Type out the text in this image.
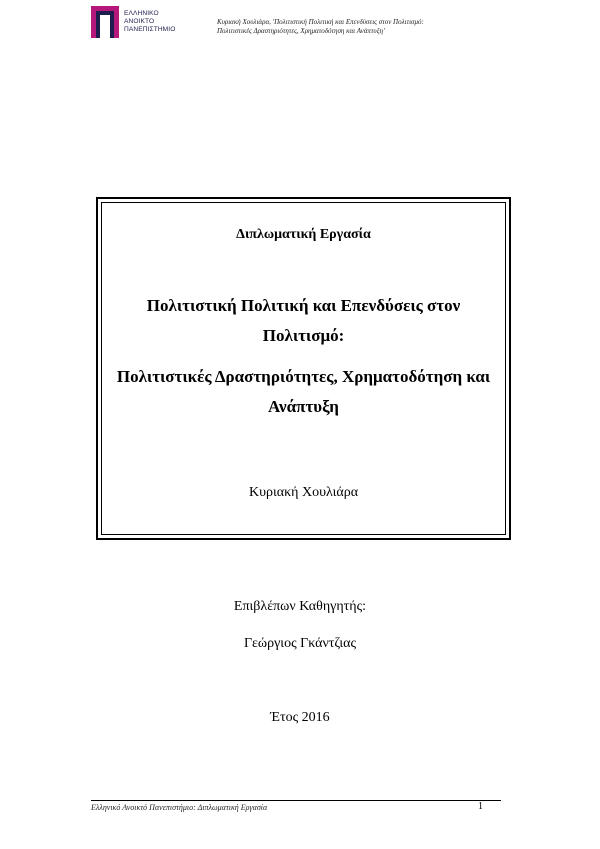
ΕΛΛΗΝΙΚΟ
ΑΝΟΙΚΤΟ
ΠΑΝΕΠΙΣΤΗΜΙΟ
Κυριακή Χουλιάρα, 'Πολιτιστική Πολιτική και Επενδύσεις στον Πολιτισμό:
Πολιτιστικές Δραστηριότητες, Χρηματοδότηση και Ανάπτυξη'
Διπλωματική Εργασία
Πολιτιστική Πολιτική και Επενδύσεις στον
Πολιτισμό:
Πολιτιστικές Δραστηριότητες, Χρηματοδότηση και
Ανάπτυξη
Κυριακή Χουλιάρα
Επιβλέπων Καθηγητής:
Γεώργιος Γκάντζιας
Έτος 2016
Ελληνικό Ανοικτό Πανεπιστήμιο: Διπλωματική Εργασία	1
